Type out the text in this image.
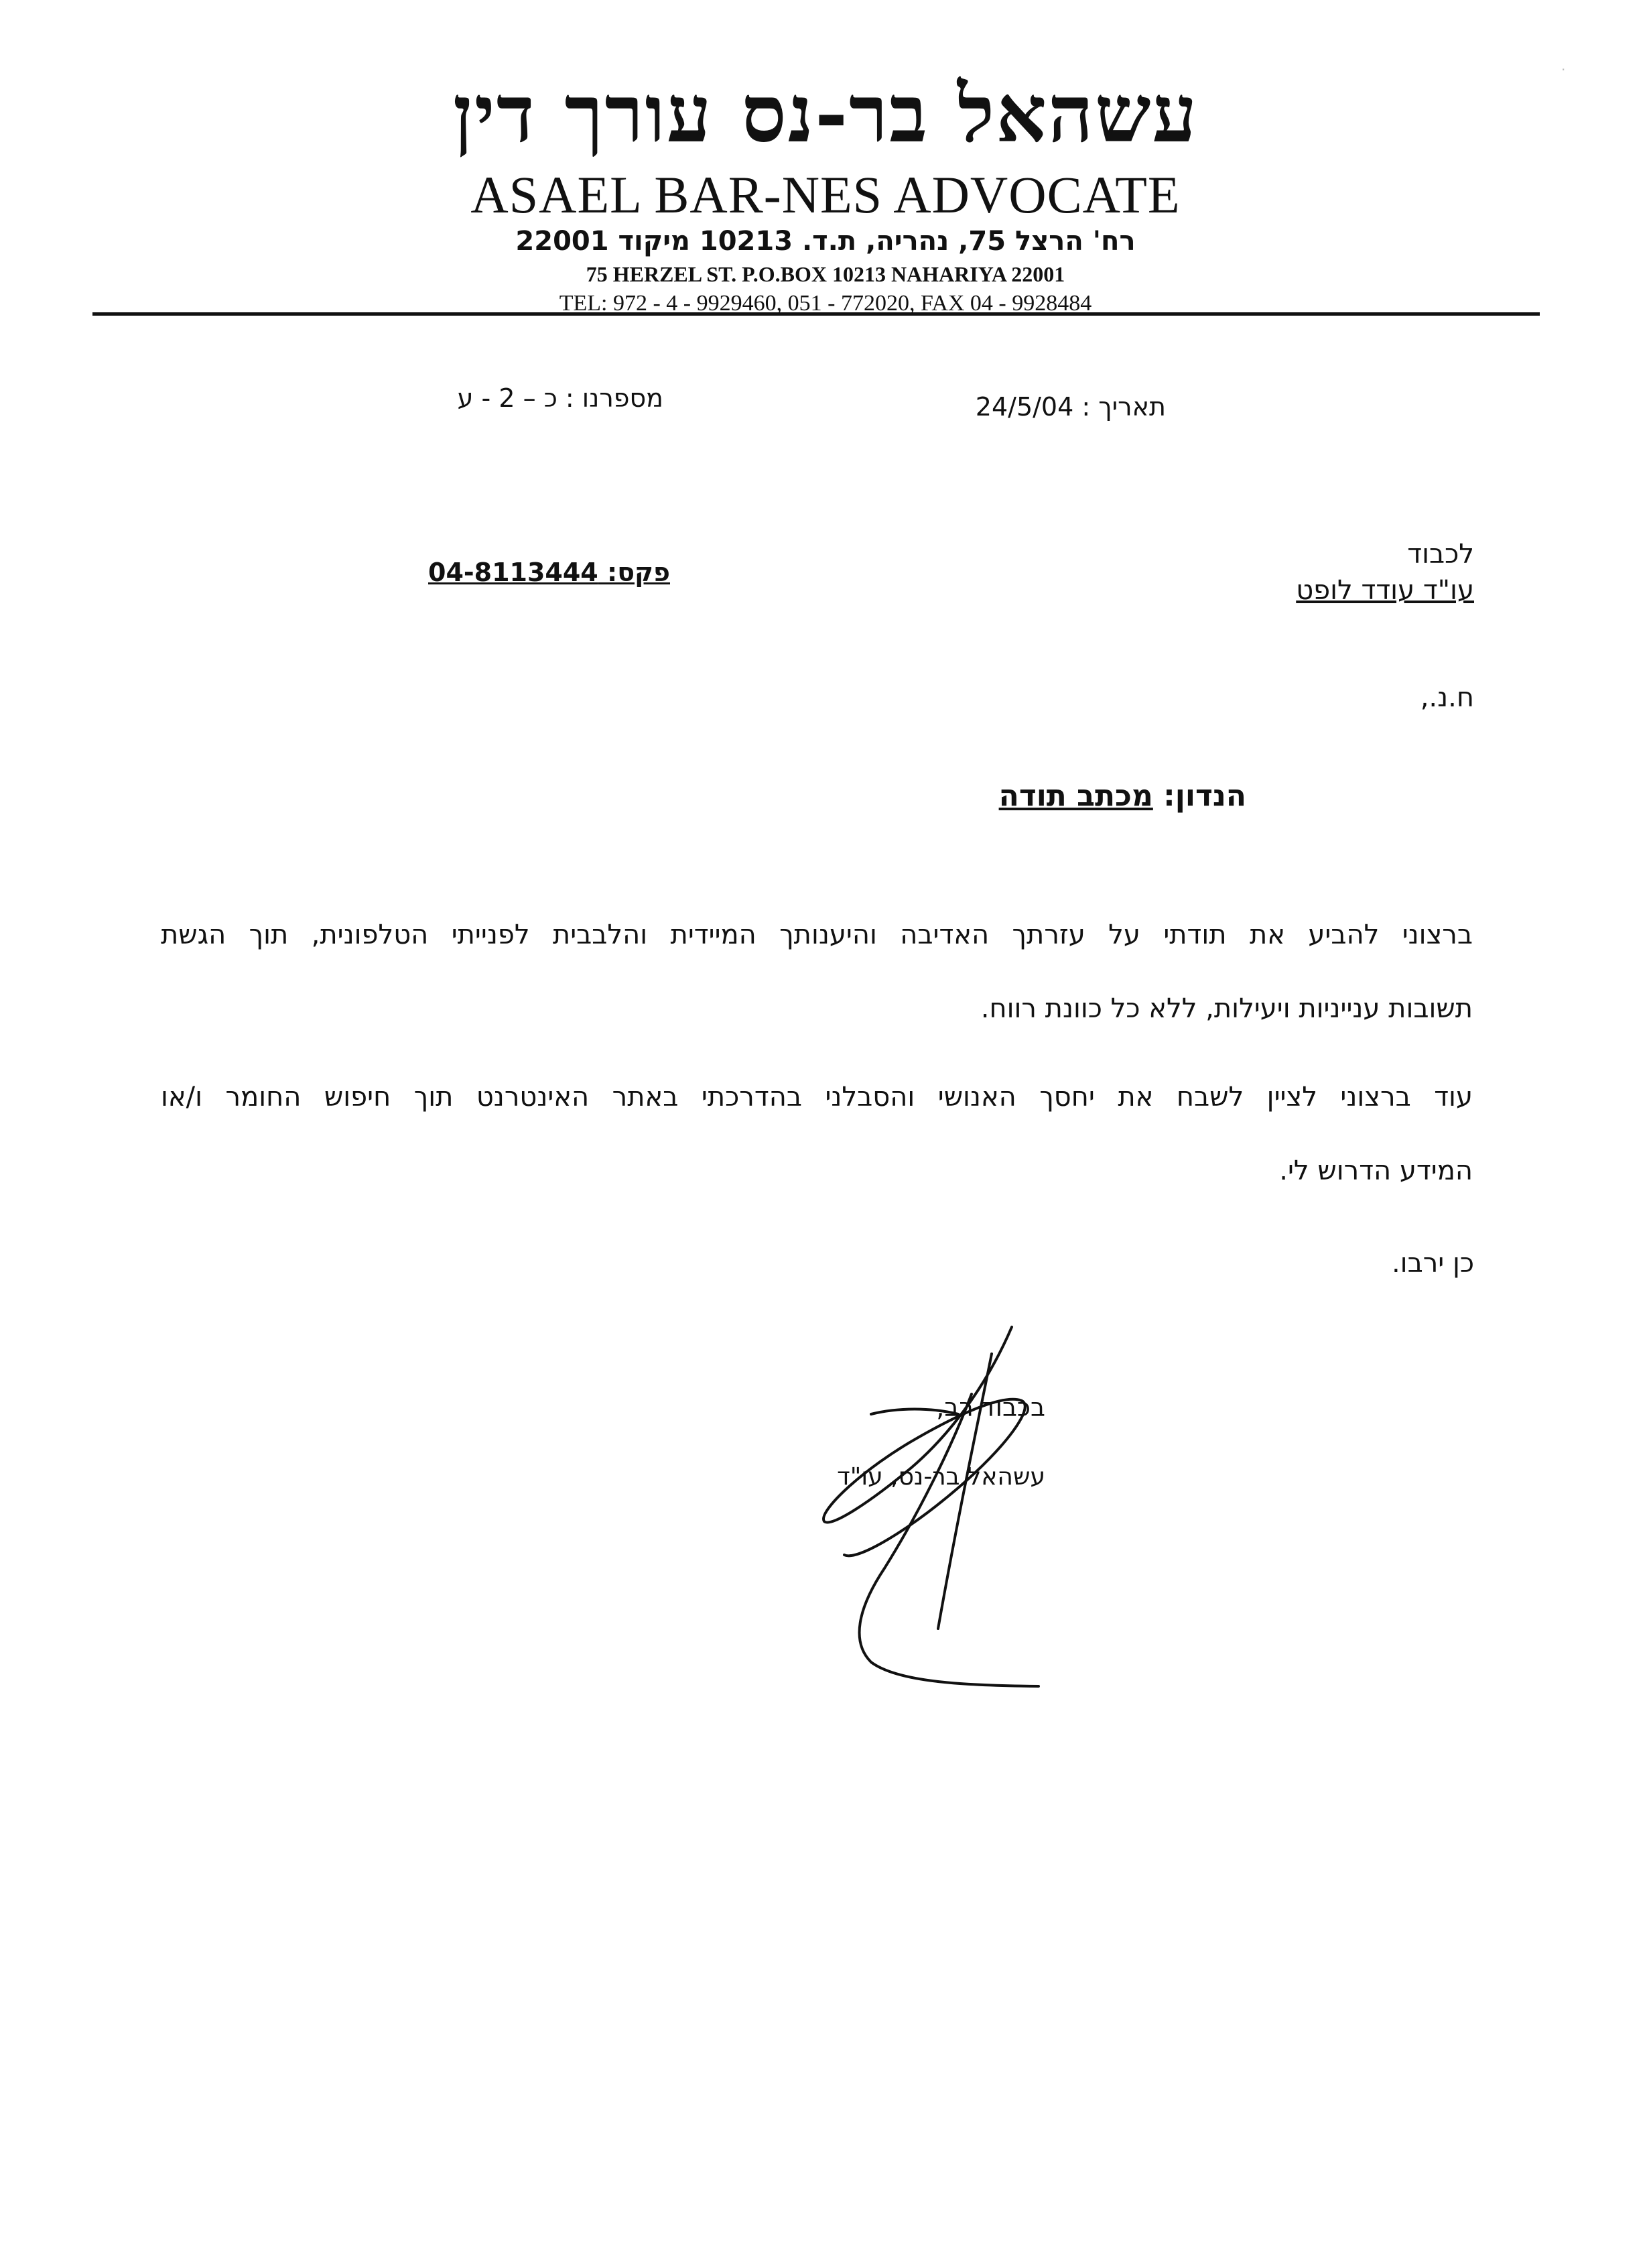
·
עשהאל בר-נס עורך דין
ASAEL BAR-NES ADVOCATE
רח' הרצל 75, נהריה, ת.ד. 10213 מיקוד 22001
75 HERZEL ST. P.O.BOX 10213 NAHARIYA 22001
TEL: 972 - 4 - 9929460, 051 - 772020, FAX 04 - 9928484
תאריך : 24/5/04
מספרנו : כ – 2 - ע
לכבוד
עו"ד עודד לופט
פקס: 04-8113444
ח.נ.,
הנדון: מכתב תודה
ברצוני להביע את תודתי על עזרתך האדיבה והיענותך המיידית והלבבית לפנייתי הטלפונית, תוך הגשת
תשובות ענייניות ויעילות, ללא כל כוונת רווח.
עוד ברצוני לציין לשבח את יחסך האנושי והסבלני בהדרכתי באתר האינטרנט תוך חיפוש החומר ו/או
המידע הדרוש לי.
כן ירבו.
בכבוד רב,
עשהאל בר-נס, עו"ד
